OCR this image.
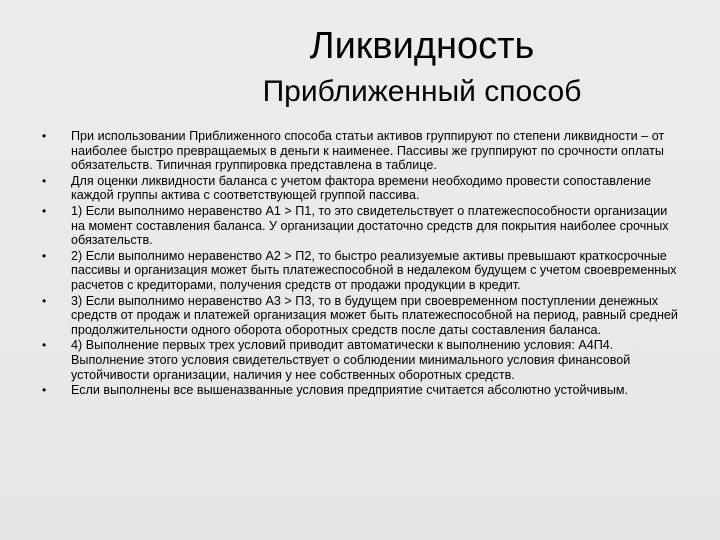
Ликвидность
Приближенный способ
•	При использовании Приближенного способа статьи активов группируют по степени ликвидности – от наиболее быстро превращаемых в деньги к наименее. Пассивы же группируют по срочности оплаты обязательств. Типичная группировка представлена в таблице.
•	Для оценки ликвидности баланса с учетом фактора времени необходимо провести сопоставление каждой группы актива с соответствующей группой пассива.
•	1) Если выполнимо неравенство А1 > П1, то это свидетельствует о платежеспособности организации на момент составления баланса. У организации достаточно средств для покрытия наиболее срочных обязательств.
•	2) Если выполнимо неравенство А2 > П2, то быстро реализуемые активы превышают краткосрочные пассивы и организация может быть платежеспособной в недалеком будущем с учетом своевременных расчетов с кредиторами, получения средств от продажи продукции в кредит.
•	3) Если выполнимо неравенство А3 > П3, то в будущем при своевременном поступлении денежных средств от продаж и платежей организация может быть платежеспособной на период, равный средней продолжительности одного оборота оборотных средств после даты составления баланса.
•	4) Выполнение первых трех условий приводит автоматически к выполнению условия: А4П4. Выполнение этого условия свидетельствует о соблюдении минимального условия финансовой устойчивости организации, наличия у нее собственных оборотных средств.
•	Если выполнены все вышеназванные условия предприятие считается абсолютно устойчивым.
